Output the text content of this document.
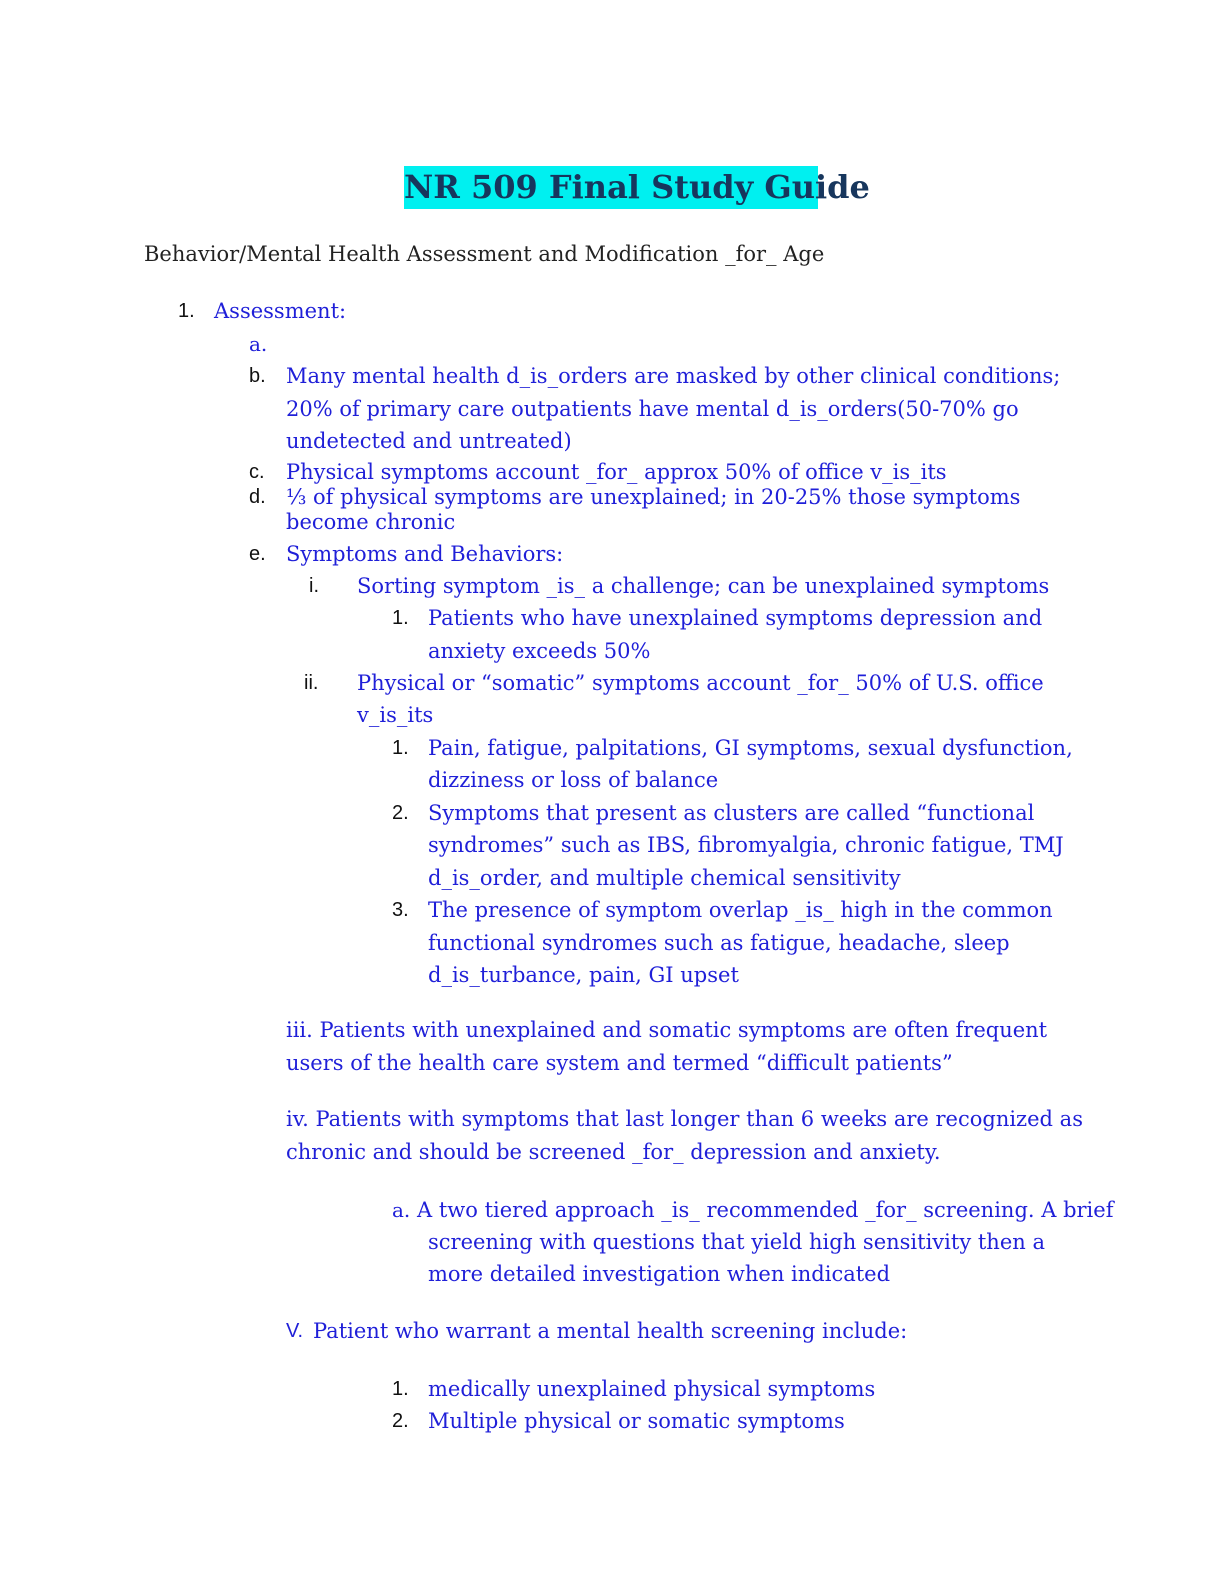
NR 509 Final Study Guide
Behavior/Mental Health Assessment and Modification _for_ Age
1. Assessment:
a.
b. Many mental health d_is_orders are masked by other clinical conditions;
20% of primary care outpatients have mental d_is_orders(50-70% go
undetected and untreated)
c. Physical symptoms account _for_ approx 50% of office v_is_its
d. ⅓ of physical symptoms are unexplained; in 20-25% those symptoms
become chronic
e. Symptoms and Behaviors:
i. Sorting symptom _is_ a challenge; can be unexplained symptoms
1. Patients who have unexplained symptoms depression and
anxiety exceeds 50%
ii. Physical or “somatic” symptoms account _for_ 50% of U.S. office
v_is_its
1. Pain, fatigue, palpitations, GI symptoms, sexual dysfunction,
dizziness or loss of balance
2. Symptoms that present as clusters are called “functional
syndromes” such as IBS, fibromyalgia, chronic fatigue, TMJ
d_is_order, and multiple chemical sensitivity
3. The presence of symptom overlap _is_ high in the common
functional syndromes such as fatigue, headache, sleep
d_is_turbance, pain, GI upset
iii. Patients with unexplained and somatic symptoms are often frequent
users of the health care system and termed “difficult patients”
iv. Patients with symptoms that last longer than 6 weeks are recognized as
chronic and should be screened _for_ depression and anxiety.
a. A two tiered approach _is_ recommended _for_ screening. A brief
screening with questions that yield high sensitivity then a
more detailed investigation when indicated
V. Patient who warrant a mental health screening include:
1. medically unexplained physical symptoms
2. Multiple physical or somatic symptoms
